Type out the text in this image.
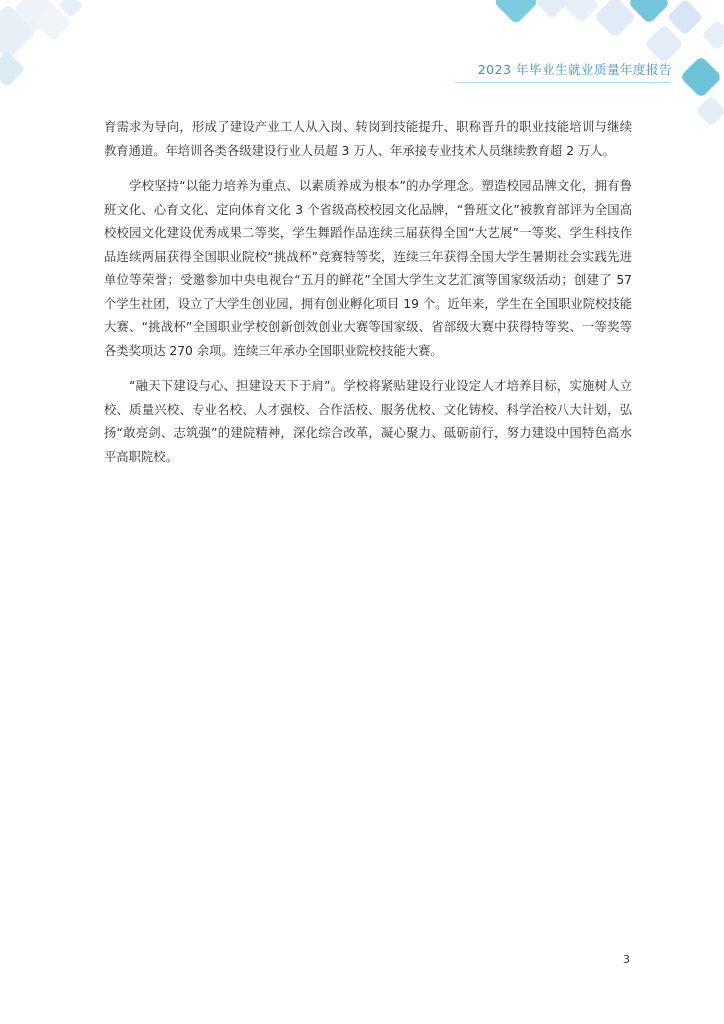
2023 年毕业生就业质量年度报告

育需求为导向，形成了建设产业工人从入岗、转岗到技能提升、职称晋升的职业技能培训与继续教育通道。年培训各类各级建设行业人员超 3 万人、年承接专业技术人员继续教育超 2 万人。

学校坚持“以能力培养为重点、以素质养成为根本”的办学理念。塑造校园品牌文化，拥有鲁班文化、心育文化、定向体育文化 3 个省级高校校园文化品牌，“鲁班文化”被教育部评为全国高校校园文化建设优秀成果二等奖，学生舞蹈作品连续三届获得全国“大艺展”一等奖、学生科技作品连续两届获得全国职业院校“挑战杯”竞赛特等奖，连续三年获得全国大学生暑期社会实践先进单位等荣誉；受邀参加中央电视台“五月的鲜花”全国大学生文艺汇演等国家级活动；创建了 57 个学生社团，设立了大学生创业园，拥有创业孵化项目 19 个。近年来，学生在全国职业院校技能大赛、“挑战杯”全国职业学校创新创效创业大赛等国家级、省部级大赛中获得特等奖、一等奖等各类奖项达 270 余项。连续三年承办全国职业院校技能大赛。

“融天下建设与心、担建设天下于肩”。学校将紧贴建设行业设定人才培养目标，实施树人立校、质量兴校、专业名校、人才强校、合作活校、服务优校、文化铸校、科学治校八大计划，弘扬“敢亮剑、志筑强”的建院精神，深化综合改革，凝心聚力、砥砺前行，努力建设中国特色高水平高职院校。

3
